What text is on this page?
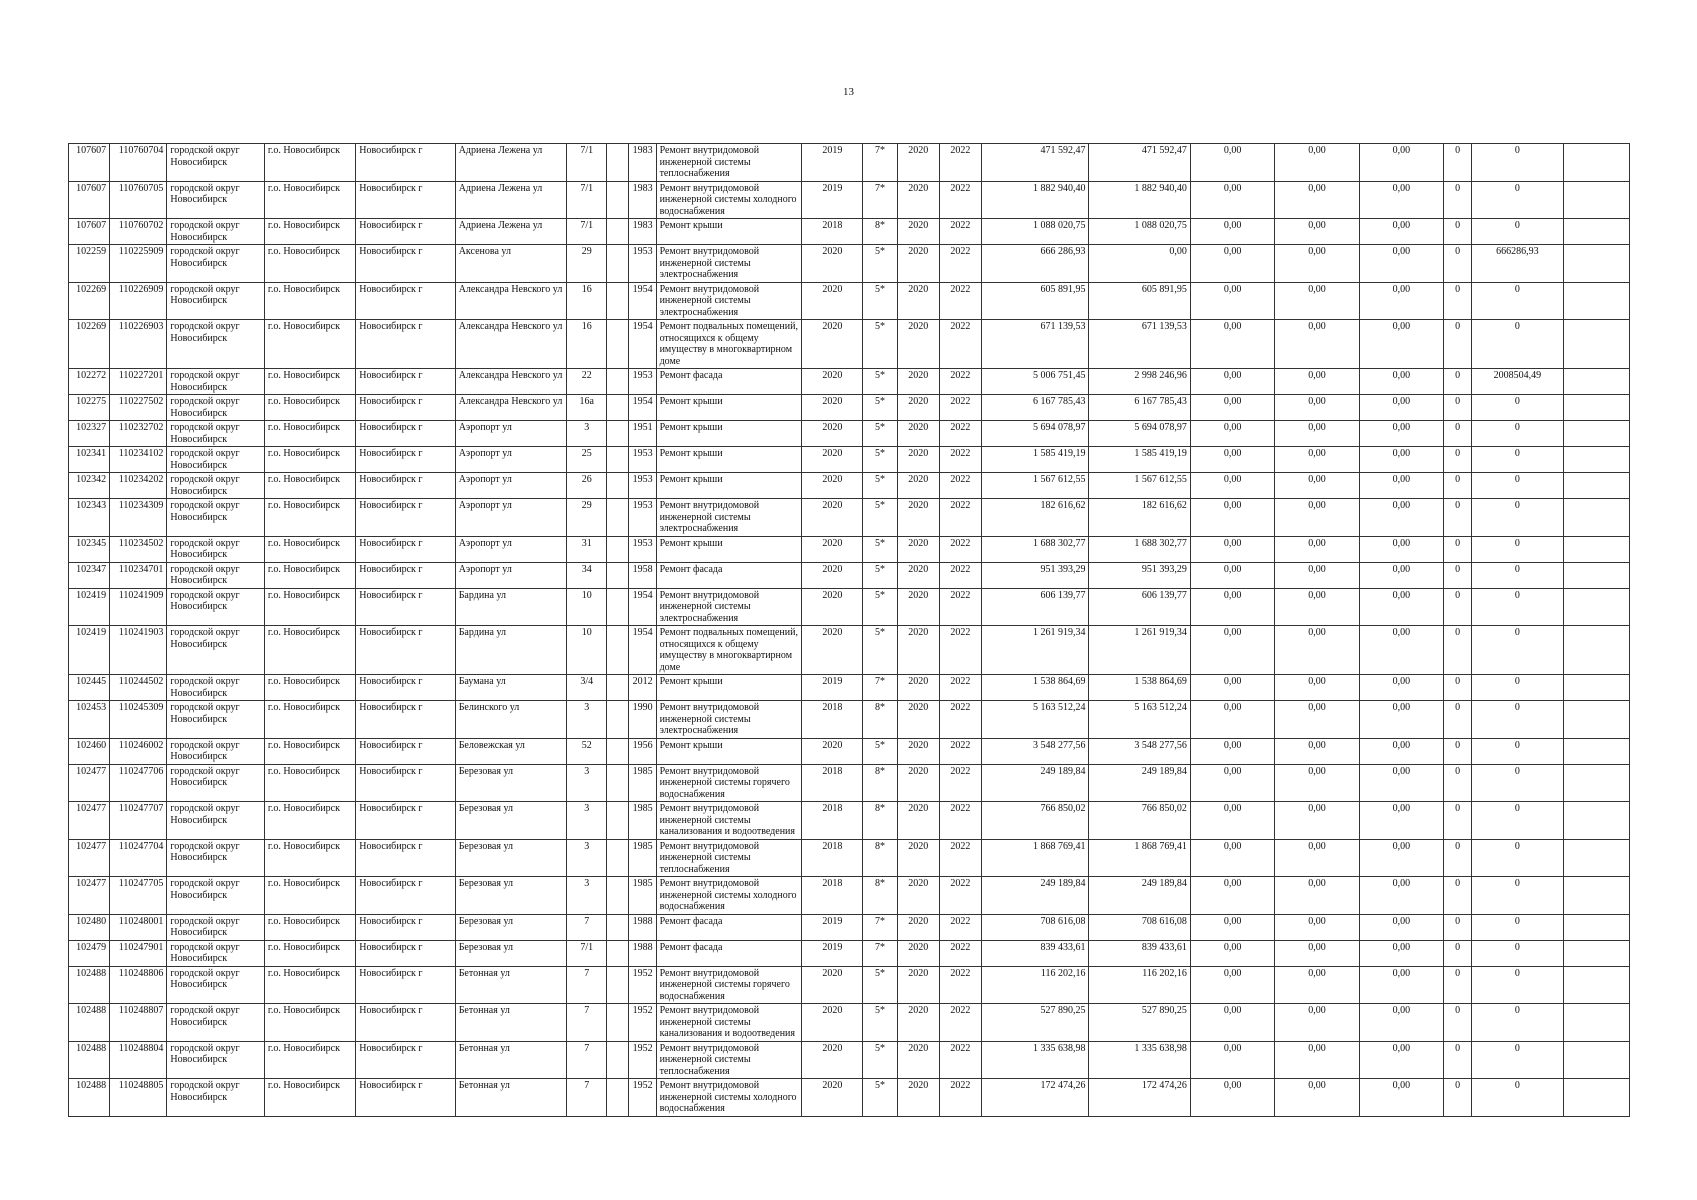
13
107607	110760704	городской округ Новосибирск	г.о. Новосибирск	Новосибирск г	Адриена Лежена ул	7/1		1983	Ремонт внутридомовой инженерной системы теплоснабжения	2019	7*	2020	2022	471 592,47	471 592,47	0,00	0,00	0,00	0	0	
107607	110760705	городской округ Новосибирск	г.о. Новосибирск	Новосибирск г	Адриена Лежена ул	7/1		1983	Ремонт внутридомовой инженерной системы холодного водоснабжения	2019	7*	2020	2022	1 882 940,40	1 882 940,40	0,00	0,00	0,00	0	0	
107607	110760702	городской округ Новосибирск	г.о. Новосибирск	Новосибирск г	Адриена Лежена ул	7/1		1983	Ремонт крыши	2018	8*	2020	2022	1 088 020,75	1 088 020,75	0,00	0,00	0,00	0	0	
102259	110225909	городской округ Новосибирск	г.о. Новосибирск	Новосибирск г	Аксенова ул	29		1953	Ремонт внутридомовой инженерной системы электроснабжения	2020	5*	2020	2022	666 286,93	0,00	0,00	0,00	0,00	0	666286,93	
102269	110226909	городской округ Новосибирск	г.о. Новосибирск	Новосибирск г	Александра Невского ул	16		1954	Ремонт внутридомовой инженерной системы электроснабжения	2020	5*	2020	2022	605 891,95	605 891,95	0,00	0,00	0,00	0	0	
102269	110226903	городской округ Новосибирск	г.о. Новосибирск	Новосибирск г	Александра Невского ул	16		1954	Ремонт подвальных помещений, относящихся к общему имуществу в многоквартирном доме	2020	5*	2020	2022	671 139,53	671 139,53	0,00	0,00	0,00	0	0	
102272	110227201	городской округ Новосибирск	г.о. Новосибирск	Новосибирск г	Александра Невского ул	22		1953	Ремонт фасада	2020	5*	2020	2022	5 006 751,45	2 998 246,96	0,00	0,00	0,00	0	2008504,49	
102275	110227502	городской округ Новосибирск	г.о. Новосибирск	Новосибирск г	Александра Невского ул	16а		1954	Ремонт крыши	2020	5*	2020	2022	6 167 785,43	6 167 785,43	0,00	0,00	0,00	0	0	
102327	110232702	городской округ Новосибирск	г.о. Новосибирск	Новосибирск г	Аэропорт ул	3		1951	Ремонт крыши	2020	5*	2020	2022	5 694 078,97	5 694 078,97	0,00	0,00	0,00	0	0	
102341	110234102	городской округ Новосибирск	г.о. Новосибирск	Новосибирск г	Аэропорт ул	25		1953	Ремонт крыши	2020	5*	2020	2022	1 585 419,19	1 585 419,19	0,00	0,00	0,00	0	0	
102342	110234202	городской округ Новосибирск	г.о. Новосибирск	Новосибирск г	Аэропорт ул	26		1953	Ремонт крыши	2020	5*	2020	2022	1 567 612,55	1 567 612,55	0,00	0,00	0,00	0	0	
102343	110234309	городской округ Новосибирск	г.о. Новосибирск	Новосибирск г	Аэропорт ул	29		1953	Ремонт внутридомовой инженерной системы электроснабжения	2020	5*	2020	2022	182 616,62	182 616,62	0,00	0,00	0,00	0	0	
102345	110234502	городской округ Новосибирск	г.о. Новосибирск	Новосибирск г	Аэропорт ул	31		1953	Ремонт крыши	2020	5*	2020	2022	1 688 302,77	1 688 302,77	0,00	0,00	0,00	0	0	
102347	110234701	городской округ Новосибирск	г.о. Новосибирск	Новосибирск г	Аэропорт ул	34		1958	Ремонт фасада	2020	5*	2020	2022	951 393,29	951 393,29	0,00	0,00	0,00	0	0	
102419	110241909	городской округ Новосибирск	г.о. Новосибирск	Новосибирск г	Бардина ул	10		1954	Ремонт внутридомовой инженерной системы электроснабжения	2020	5*	2020	2022	606 139,77	606 139,77	0,00	0,00	0,00	0	0	
102419	110241903	городской округ Новосибирск	г.о. Новосибирск	Новосибирск г	Бардина ул	10		1954	Ремонт подвальных помещений, относящихся к общему имуществу в многоквартирном доме	2020	5*	2020	2022	1 261 919,34	1 261 919,34	0,00	0,00	0,00	0	0	
102445	110244502	городской округ Новосибирск	г.о. Новосибирск	Новосибирск г	Баумана ул	3/4		2012	Ремонт крыши	2019	7*	2020	2022	1 538 864,69	1 538 864,69	0,00	0,00	0,00	0	0	
102453	110245309	городской округ Новосибирск	г.о. Новосибирск	Новосибирск г	Белинского ул	3		1990	Ремонт внутридомовой инженерной системы электроснабжения	2018	8*	2020	2022	5 163 512,24	5 163 512,24	0,00	0,00	0,00	0	0	
102460	110246002	городской округ Новосибирск	г.о. Новосибирск	Новосибирск г	Беловежская ул	52		1956	Ремонт крыши	2020	5*	2020	2022	3 548 277,56	3 548 277,56	0,00	0,00	0,00	0	0	
102477	110247706	городской округ Новосибирск	г.о. Новосибирск	Новосибирск г	Березовая ул	3		1985	Ремонт внутридомовой инженерной системы горячего водоснабжения	2018	8*	2020	2022	249 189,84	249 189,84	0,00	0,00	0,00	0	0	
102477	110247707	городской округ Новосибирск	г.о. Новосибирск	Новосибирск г	Березовая ул	3		1985	Ремонт внутридомовой инженерной системы канализования и водоотведения	2018	8*	2020	2022	766 850,02	766 850,02	0,00	0,00	0,00	0	0	
102477	110247704	городской округ Новосибирск	г.о. Новосибирск	Новосибирск г	Березовая ул	3		1985	Ремонт внутридомовой инженерной системы теплоснабжения	2018	8*	2020	2022	1 868 769,41	1 868 769,41	0,00	0,00	0,00	0	0	
102477	110247705	городской округ Новосибирск	г.о. Новосибирск	Новосибирск г	Березовая ул	3		1985	Ремонт внутридомовой инженерной системы холодного водоснабжения	2018	8*	2020	2022	249 189,84	249 189,84	0,00	0,00	0,00	0	0	
102480	110248001	городской округ Новосибирск	г.о. Новосибирск	Новосибирск г	Березовая ул	7		1988	Ремонт фасада	2019	7*	2020	2022	708 616,08	708 616,08	0,00	0,00	0,00	0	0	
102479	110247901	городской округ Новосибирск	г.о. Новосибирск	Новосибирск г	Березовая ул	7/1		1988	Ремонт фасада	2019	7*	2020	2022	839 433,61	839 433,61	0,00	0,00	0,00	0	0	
102488	110248806	городской округ Новосибирск	г.о. Новосибирск	Новосибирск г	Бетонная ул	7		1952	Ремонт внутридомовой инженерной системы горячего водоснабжения	2020	5*	2020	2022	116 202,16	116 202,16	0,00	0,00	0,00	0	0	
102488	110248807	городской округ Новосибирск	г.о. Новосибирск	Новосибирск г	Бетонная ул	7		1952	Ремонт внутридомовой инженерной системы канализования и водоотведения	2020	5*	2020	2022	527 890,25	527 890,25	0,00	0,00	0,00	0	0	
102488	110248804	городской округ Новосибирск	г.о. Новосибирск	Новосибирск г	Бетонная ул	7		1952	Ремонт внутридомовой инженерной системы теплоснабжения	2020	5*	2020	2022	1 335 638,98	1 335 638,98	0,00	0,00	0,00	0	0	
102488	110248805	городской округ Новосибирск	г.о. Новосибирск	Новосибирск г	Бетонная ул	7		1952	Ремонт внутридомовой инженерной системы холодного водоснабжения	2020	5*	2020	2022	172 474,26	172 474,26	0,00	0,00	0,00	0	0	
